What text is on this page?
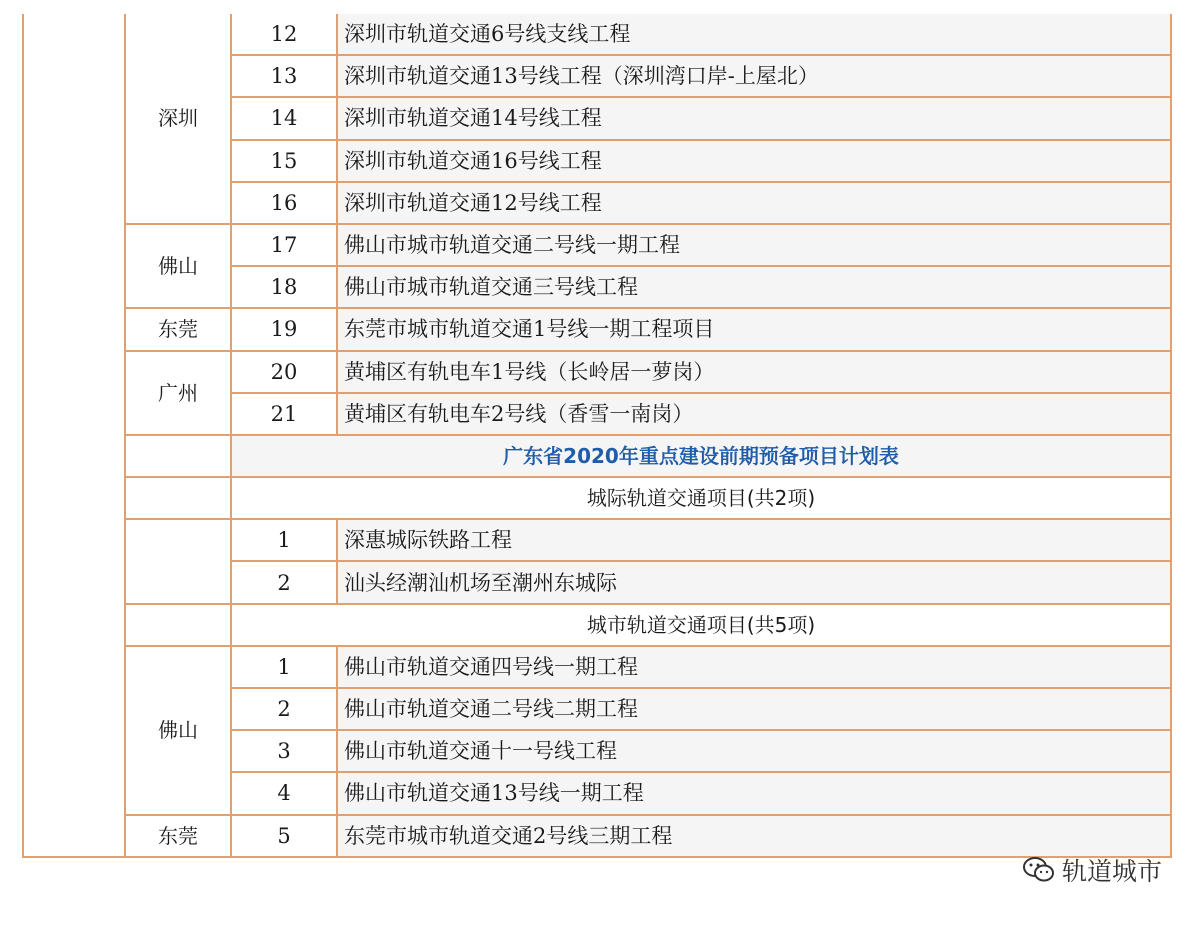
	深圳	12	深圳市轨道交通6号线支线工程
		13	深圳市轨道交通13号线工程（深圳湾口岸-上屋北）
		14	深圳市轨道交通14号线工程
		15	深圳市轨道交通16号线工程
		16	深圳市轨道交通12号线工程
	佛山	17	佛山市城市轨道交通二号线一期工程
		18	佛山市城市轨道交通三号线工程
	东莞	19	东莞市城市轨道交通1号线一期工程项目
	广州	20	黄埔区有轨电车1号线（长岭居一萝岗）
		21	黄埔区有轨电车2号线（香雪一南岗）
		广东省2020年重点建设前期预备项目计划表	
		城际轨道交通项目(共2项)	
		1	深惠城际铁路工程
		2	汕头经潮汕机场至潮州东城际
		城市轨道交通项目(共5项)	
	佛山	1	佛山市轨道交通四号线一期工程
		2	佛山市轨道交通二号线二期工程
		3	佛山市轨道交通十一号线工程
		4	佛山市轨道交通13号线一期工程
	东莞	5	东莞市城市轨道交通2号线三期工程
轨道城市
